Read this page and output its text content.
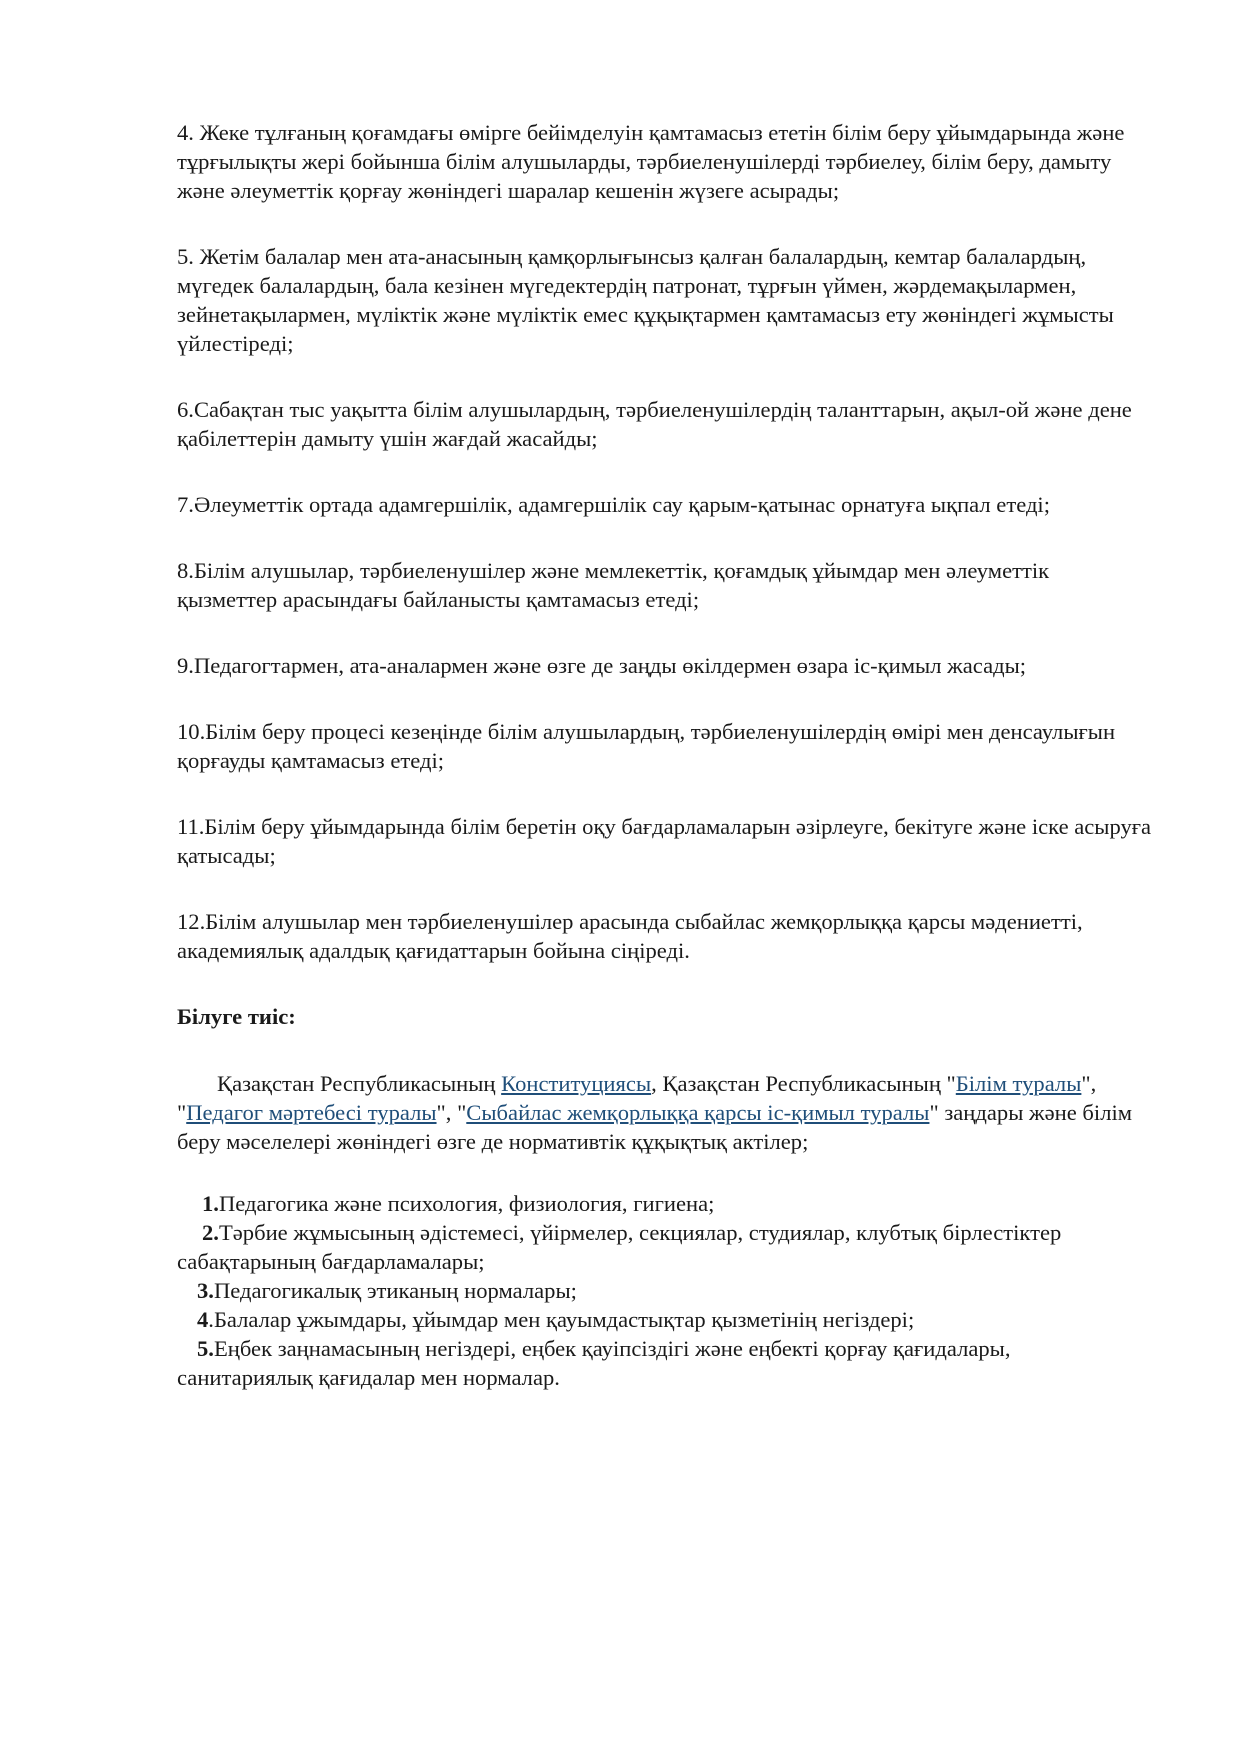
4. Жеке тұлғаның қоғамдағы өмірге бейімделуін қамтамасыз ететін білім беру ұйымдарында және тұрғылықты жері бойынша білім алушыларды, тәрбиеленушілерді тәрбиелеу, білім беру, дамыту және әлеуметтік қорғау жөніндегі шаралар кешенін жүзеге асырады;

5. Жетім балалар мен ата-анасының қамқорлығынсыз қалған балалардың, кемтар балалардың, мүгедек балалардың, бала кезінен мүгедектердің патронат, тұрғын үймен, жәрдемақылармен, зейнетақылармен, мүліктік және мүліктік емес құқықтармен қамтамасыз ету жөніндегі жұмысты үйлестіреді;

6.Сабақтан тыс уақытта білім алушылардың, тәрбиеленушілердің таланттарын, ақыл-ой және дене қабілеттерін дамыту үшін жағдай жасайды;

7.Әлеуметтік ортада адамгершілік, адамгершілік сау қарым-қатынас орнатуға ықпал етеді;

8.Білім алушылар, тәрбиеленушілер және мемлекеттік, қоғамдық ұйымдар мен әлеуметтік қызметтер арасындағы байланысты қамтамасыз етеді;

9.Педагогтармен, ата-аналармен және өзге де заңды өкілдермен өзара іс-қимыл жасады;

10.Білім беру процесі кезеңінде білім алушылардың, тәрбиеленушілердің өмірі мен денсаулығын қорғауды қамтамасыз етеді;

11.Білім беру ұйымдарында білім беретін оқу бағдарламаларын әзірлеуге, бекітуге және іске асыруға қатысады;

12.Білім алушылар мен тәрбиеленушілер арасында сыбайлас жемқорлыққа қарсы мәдениетті, академиялық адалдық қағидаттарын бойына сіңіреді.

Білуге тиіс:

Қазақстан Республикасының Конституциясы, Қазақстан Республикасының "Білім туралы", "Педагог мәртебесі туралы", "Сыбайлас жемқорлыққа қарсы іс-қимыл туралы" заңдары және білім беру мәселелері жөніндегі өзге де нормативтік құқықтық актілер;

1.Педагогика және психология, физиология, гигиена;

2.Тәрбие жұмысының әдістемесі, үйірмелер, секциялар, студиялар, клубтық бірлестіктер сабақтарының бағдарламалары;

3.Педагогикалық этиканың нормалары;

4.Балалар ұжымдары, ұйымдар мен қауымдастықтар қызметінің негіздері;

5.Еңбек заңнамасының негіздері, еңбек қауіпсіздігі және еңбекті қорғау қағидалары, санитариялық қағидалар мен нормалар.
